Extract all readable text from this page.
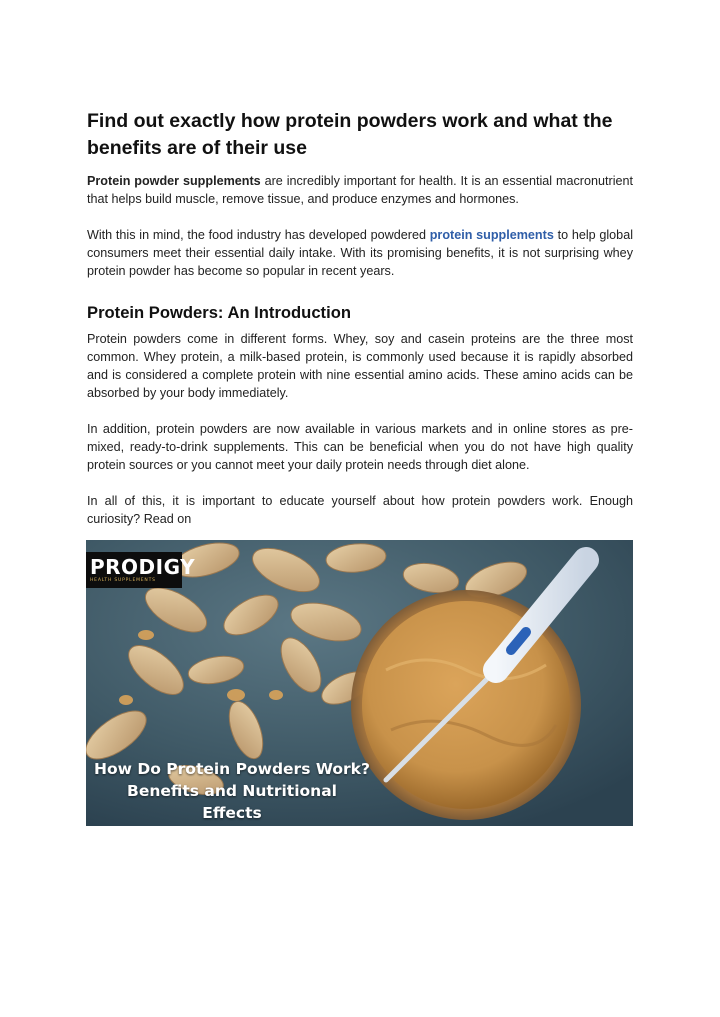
Find out exactly how protein powders work and what the benefits are of their use

Protein powder supplements are incredibly important for health. It is an essential macronutrient that helps build muscle, remove tissue, and produce enzymes and hormones.

With this in mind, the food industry has developed powdered protein supplements to help global consumers meet their essential daily intake. With its promising benefits, it is not surprising whey protein powder has become so popular in recent years.

Protein Powders: An Introduction

Protein powders come in different forms. Whey, soy and casein proteins are the three most common. Whey protein, a milk-based protein, is commonly used because it is rapidly absorbed and is considered a complete protein with nine essential amino acids. These amino acids can be absorbed by your body immediately.

In addition, protein powders are now available in various markets and in online stores as pre-mixed, ready-to-drink supplements. This can be beneficial when you do not have high quality protein sources or you cannot meet your daily protein needs through diet alone.

In all of this, it is important to educate yourself about how protein powders work. Enough curiosity? Read on

PRODIGY
HEALTH SUPPLEMENTS
How Do Protein Powders Work?
Benefits and Nutritional
Effects
